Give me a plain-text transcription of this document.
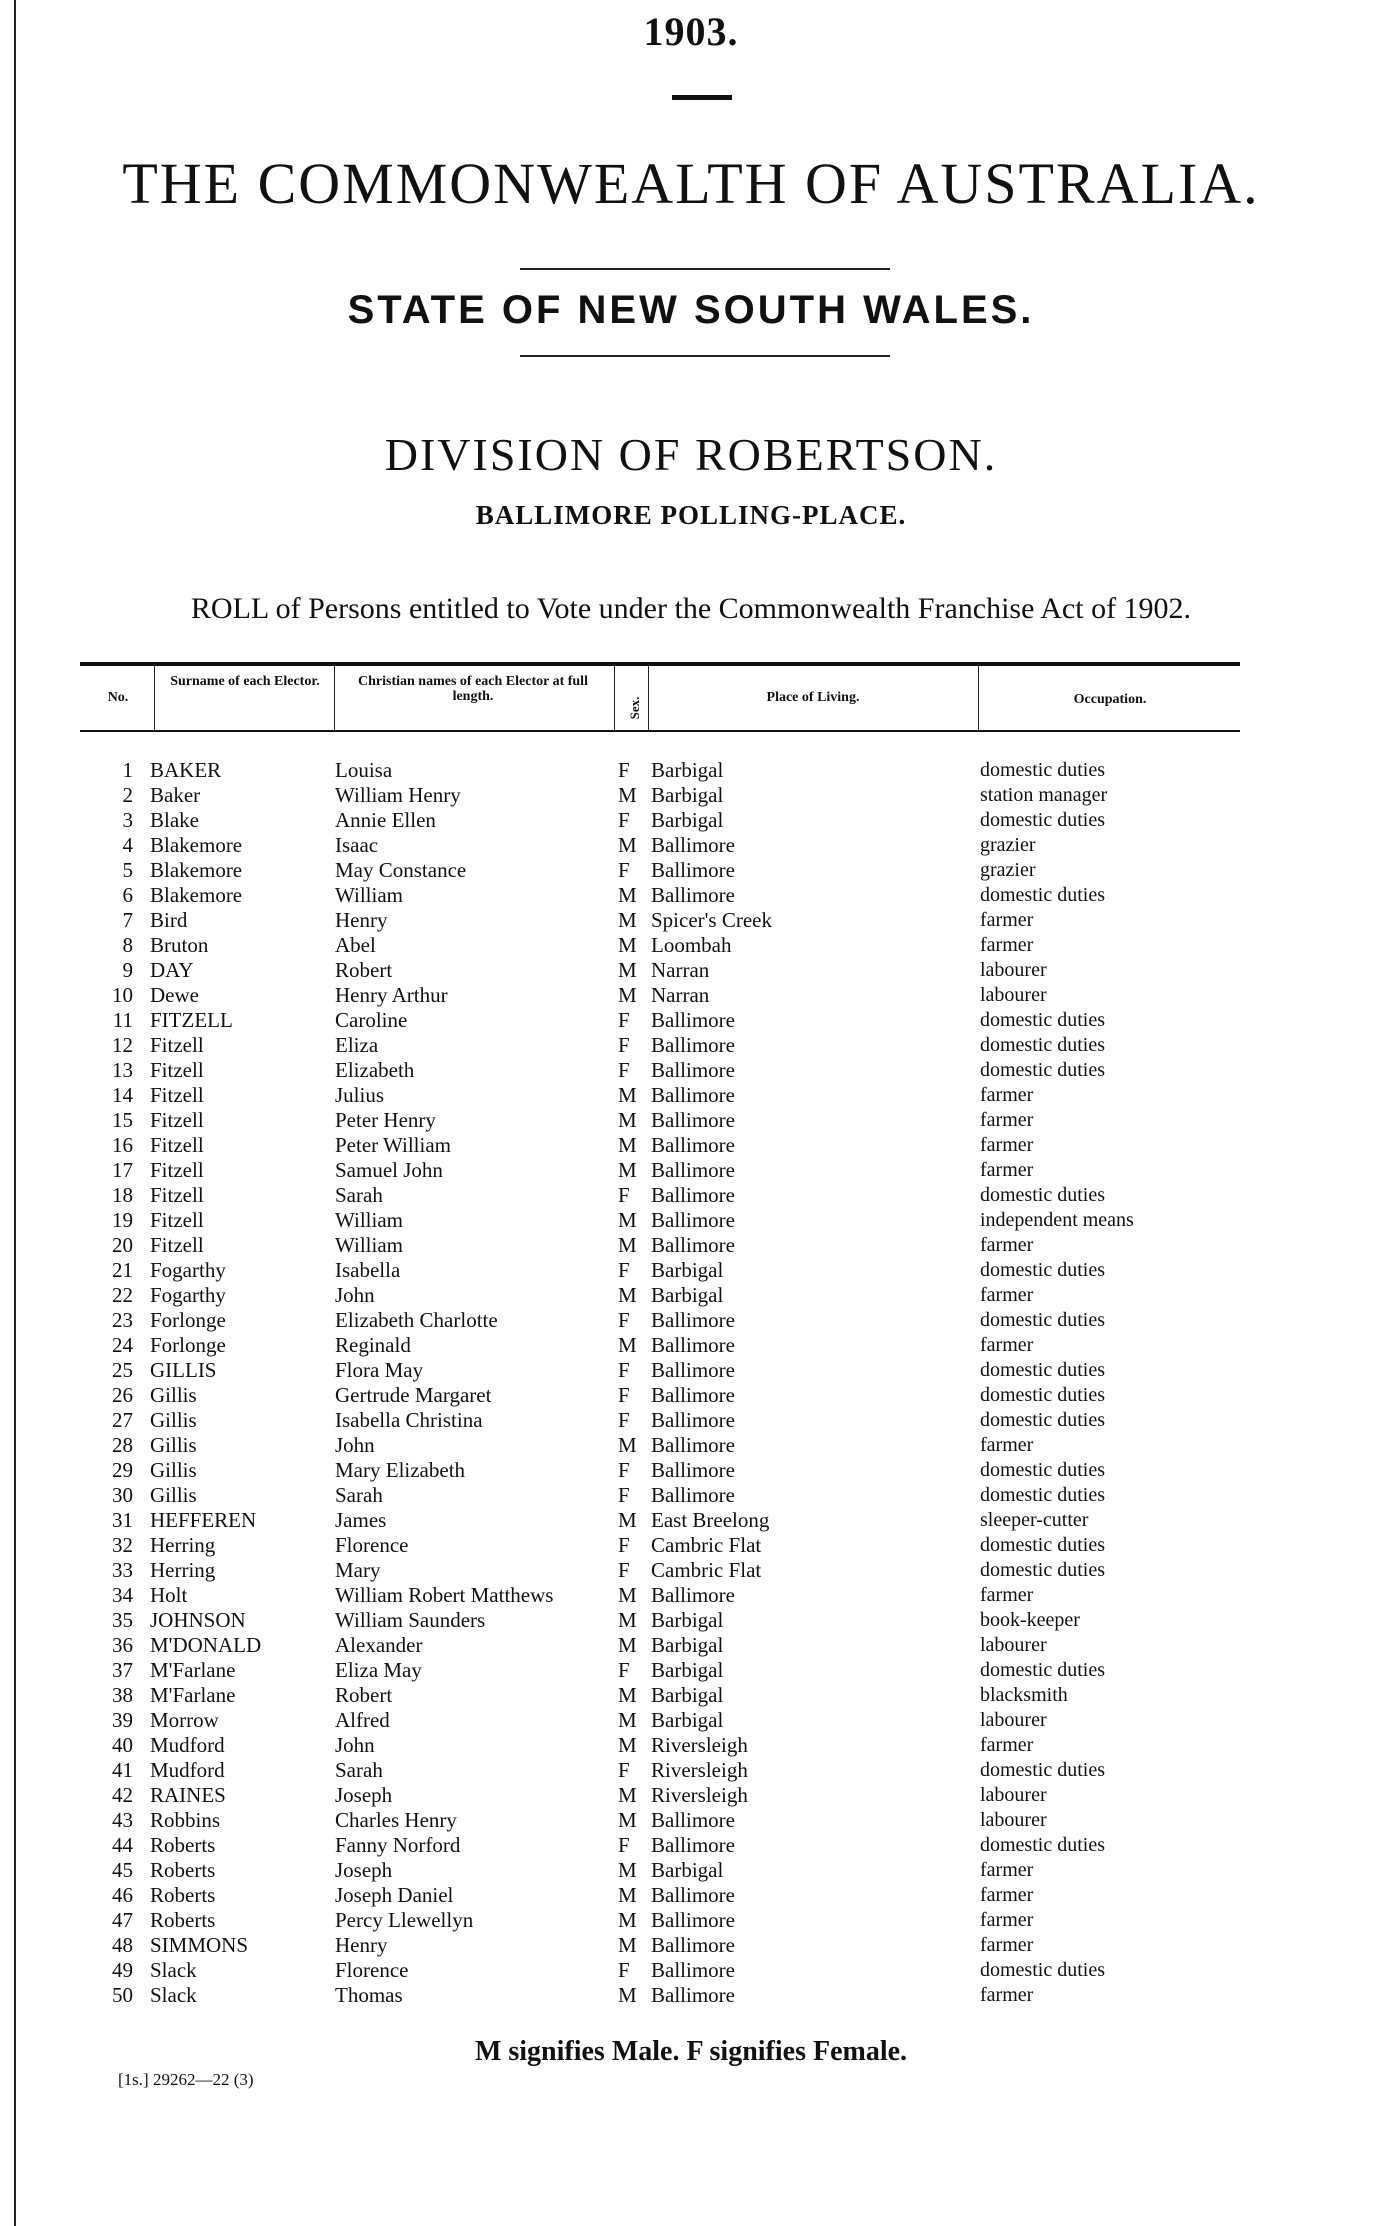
1903.
THE COMMONWEALTH OF AUSTRALIA.
STATE OF NEW SOUTH WALES.
DIVISION OF ROBERTSON.
BALLIMORE POLLING-PLACE.
ROLL of Persons entitled to Vote under the Commonwealth Franchise Act of 1902.
No.
Surname of each Elector.	Christian names of each Elector at full length.
Sex.	Place of Living.	Occupation.
1 BAKER	Louisa	F Barbigal	domestic duties
2 Baker	William Henry	M Barbigal	station manager
3 Blake	Annie Ellen	F Barbigal	domestic duties
4 Blakemore	Isaac	M Ballimore	grazier
5 Blakemore	May Constance	F Ballimore	grazier
6 Blakemore	William	M Ballimore	domestic duties
7 Bird	Henry	M Spicer's Creek	farmer
8 Bruton	Abel	M Loombah	farmer
9 DAY	Robert	M Narran	labourer
10 Dewe	Henry Arthur	M Narran	labourer
11 FITZELL	Caroline	F Ballimore	domestic duties
12 Fitzell	Eliza	F Ballimore	domestic duties
13 Fitzell	Elizabeth	F Ballimore	domestic duties
14 Fitzell	Julius	M Ballimore	farmer
15 Fitzell	Peter Henry	M Ballimore	farmer
16 Fitzell	Peter William	M Ballimore	farmer
17 Fitzell	Samuel John	M Ballimore	farmer
18 Fitzell	Sarah	F Ballimore	domestic duties
19 Fitzell	William	M Ballimore	independent means
20 Fitzell	William	M Ballimore	farmer
21 Fogarthy	Isabella	F Barbigal	domestic duties
22 Fogarthy	John	M Barbigal	farmer
23 Forlonge	Elizabeth Charlotte	F Ballimore	domestic duties
24 Forlonge	Reginald	M Ballimore	farmer
25 GILLIS	Flora May	F Ballimore	domestic duties
26 Gillis	Gertrude Margaret	F Ballimore	domestic duties
27 Gillis	Isabella Christina	F Ballimore	domestic duties
28 Gillis	John	M Ballimore	farmer
29 Gillis	Mary Elizabeth	F Ballimore	domestic duties
30 Gillis	Sarah	F Ballimore	domestic duties
31 HEFFEREN	James	M East Breelong	sleeper-cutter
32 Herring	Florence	F Cambric Flat	domestic duties
33 Herring	Mary	F Cambric Flat	domestic duties
34 Holt	William Robert Matthews	M Ballimore	farmer
35 JOHNSON	William Saunders	M Barbigal	book-keeper
36 M'DONALD	Alexander	M Barbigal	labourer
37 M'Farlane	Eliza May	F Barbigal	domestic duties
38 M'Farlane	Robert	M Barbigal	blacksmith
39 Morrow	Alfred	M Barbigal	labourer
40 Mudford	John	M Riversleigh	farmer
41 Mudford	Sarah	F Riversleigh	domestic duties
42 RAINES	Joseph	M Riversleigh	labourer
43 Robbins	Charles Henry	M Ballimore	labourer
44 Roberts	Fanny Norford	F Ballimore	domestic duties
45 Roberts	Joseph	M Barbigal	farmer
46 Roberts	Joseph Daniel	M Ballimore	farmer
47 Roberts	Percy Llewellyn	M Ballimore	farmer
48 SIMMONS	Henry	M Ballimore	farmer
49 Slack	Florence	F Ballimore	domestic duties
50 Slack	Thomas	M Ballimore	farmer
M signifies Male. F signifies Female.
[1s.] 29262—22 (3)
